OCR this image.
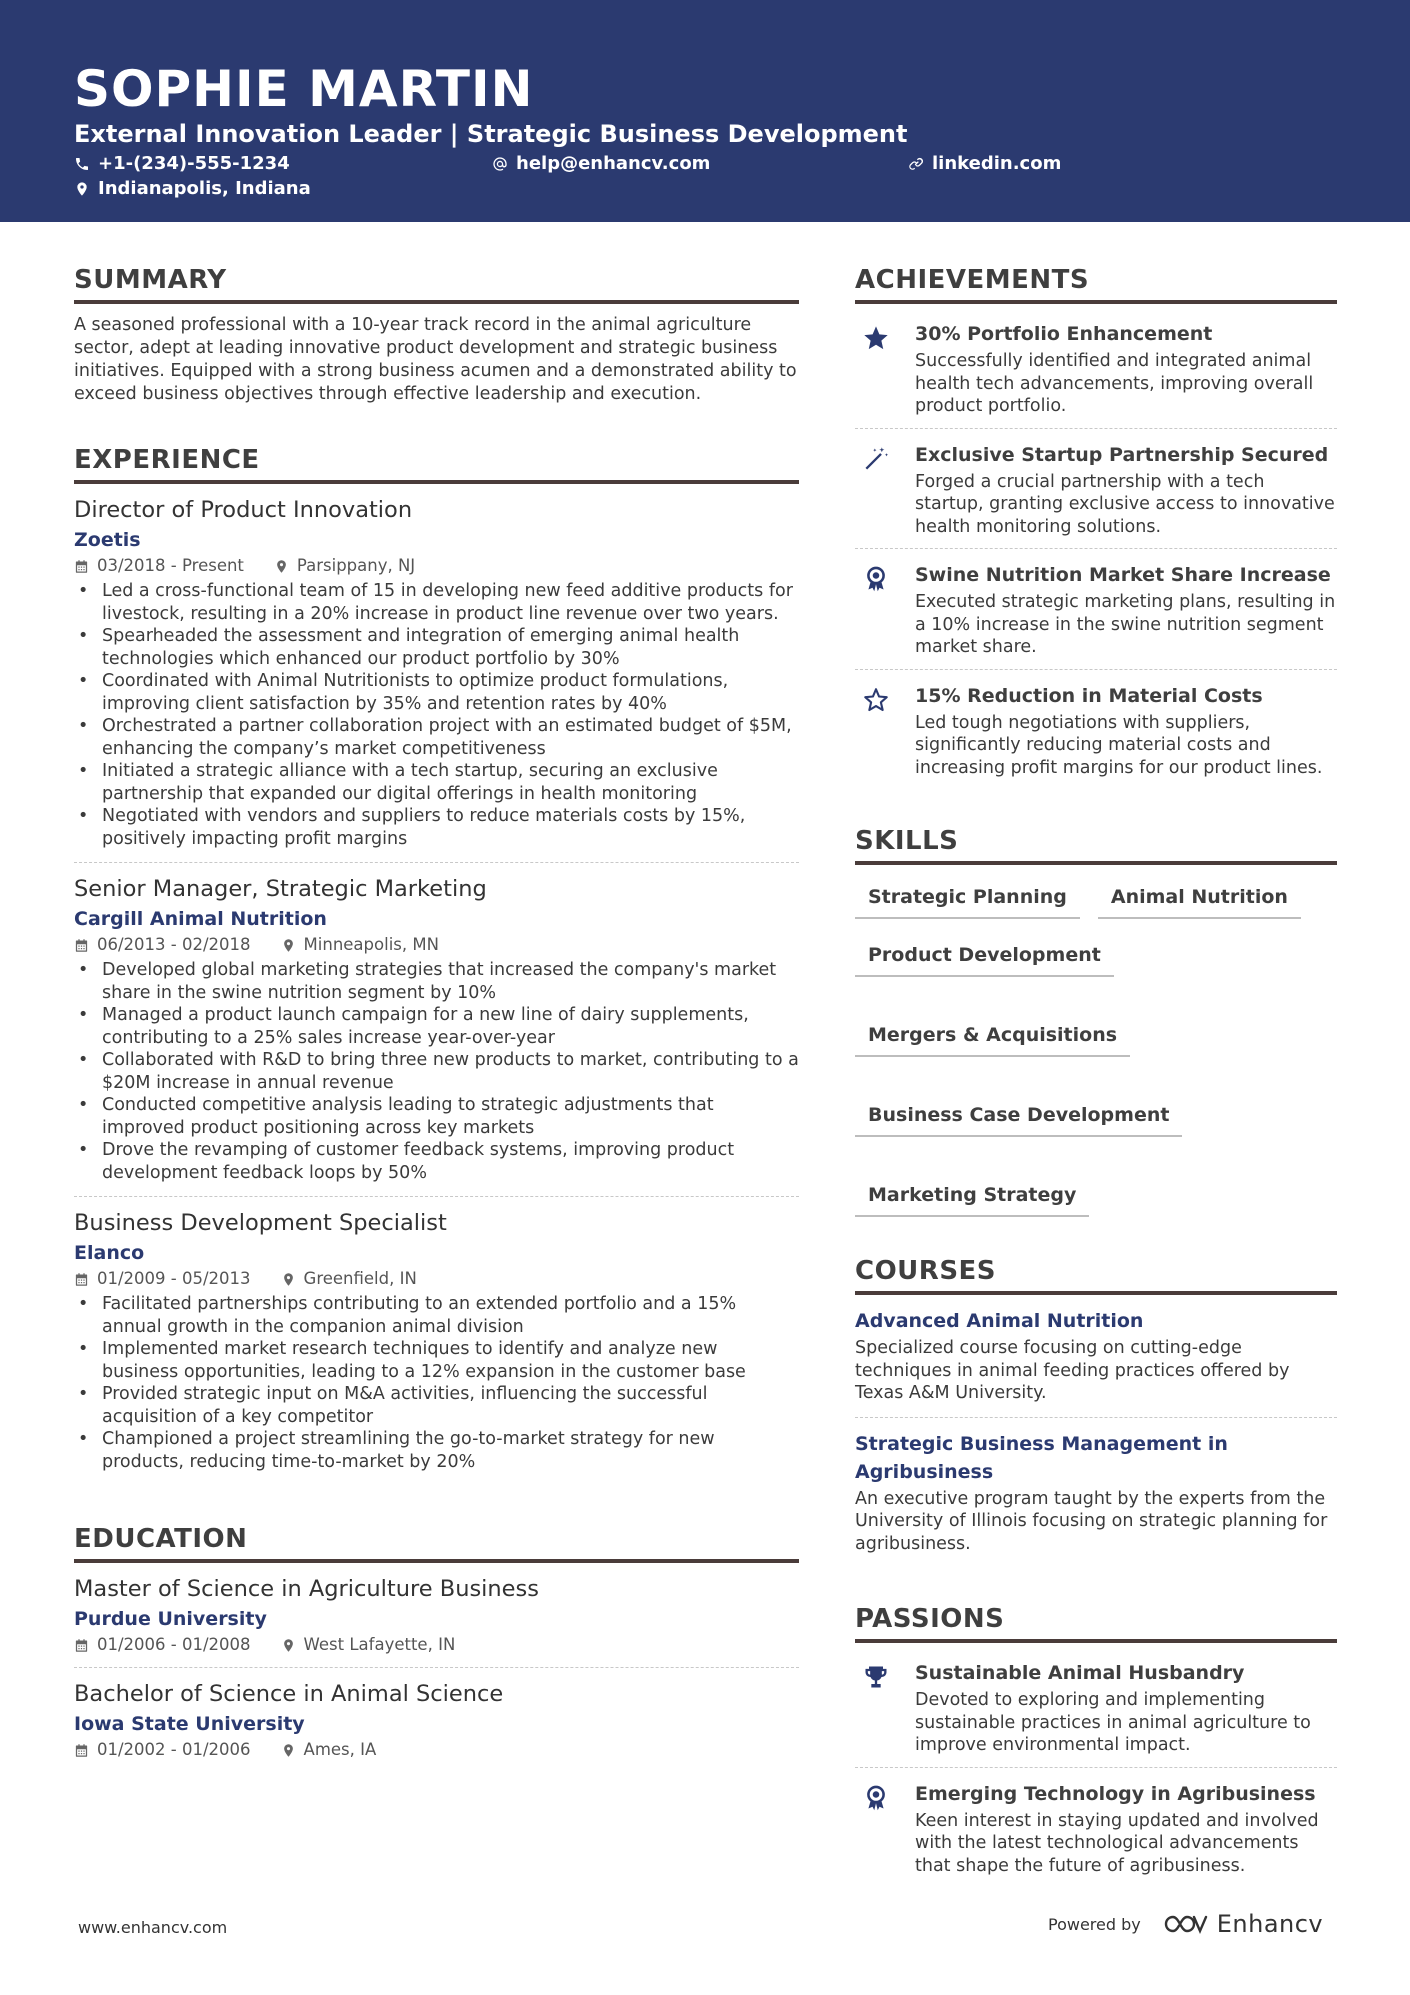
SOPHIE MARTIN
External Innovation Leader | Strategic Business Development
+1-(234)-555-1234	help@enhancv.com	linkedin.com
Indianapolis, Indiana
SUMMARY
A seasoned professional with a 10-year track record in the animal agriculture sector, adept at leading innovative product development and strategic business initiatives. Equipped with a strong business acumen and a demonstrated ability to exceed business objectives through effective leadership and execution.
EXPERIENCE
Director of Product Innovation
Zoetis
03/2018 - Present	Parsippany, NJ
• Led a cross-functional team of 15 in developing new feed additive products for livestock, resulting in a 20% increase in product line revenue over two years.
• Spearheaded the assessment and integration of emerging animal health technologies which enhanced our product portfolio by 30%
• Coordinated with Animal Nutritionists to optimize product formulations, improving client satisfaction by 35% and retention rates by 40%
• Orchestrated a partner collaboration project with an estimated budget of $5M, enhancing the company’s market competitiveness
• Initiated a strategic alliance with a tech startup, securing an exclusive partnership that expanded our digital offerings in health monitoring
• Negotiated with vendors and suppliers to reduce materials costs by 15%, positively impacting profit margins
Senior Manager, Strategic Marketing
Cargill Animal Nutrition
06/2013 - 02/2018	Minneapolis, MN
• Developed global marketing strategies that increased the company's market share in the swine nutrition segment by 10%
• Managed a product launch campaign for a new line of dairy supplements, contributing to a 25% sales increase year-over-year
• Collaborated with R&D to bring three new products to market, contributing to a $20M increase in annual revenue
• Conducted competitive analysis leading to strategic adjustments that improved product positioning across key markets
• Drove the revamping of customer feedback systems, improving product development feedback loops by 50%
Business Development Specialist
Elanco
01/2009 - 05/2013	Greenfield, IN
• Facilitated partnerships contributing to an extended portfolio and a 15% annual growth in the companion animal division
• Implemented market research techniques to identify and analyze new business opportunities, leading to a 12% expansion in the customer base
• Provided strategic input on M&A activities, influencing the successful acquisition of a key competitor
• Championed a project streamlining the go-to-market strategy for new products, reducing time-to-market by 20%
EDUCATION
Master of Science in Agriculture Business
Purdue University
01/2006 - 01/2008	West Lafayette, IN
Bachelor of Science in Animal Science
Iowa State University
01/2002 - 01/2006	Ames, IA
ACHIEVEMENTS
30% Portfolio Enhancement
Successfully identified and integrated animal health tech advancements, improving overall product portfolio.
Exclusive Startup Partnership Secured
Forged a crucial partnership with a tech startup, granting exclusive access to innovative health monitoring solutions.
Swine Nutrition Market Share Increase
Executed strategic marketing plans, resulting in a 10% increase in the swine nutrition segment market share.
15% Reduction in Material Costs
Led tough negotiations with suppliers, significantly reducing material costs and increasing profit margins for our product lines.
SKILLS
Strategic Planning	Animal Nutrition
Product Development
Mergers & Acquisitions
Business Case Development
Marketing Strategy
COURSES
Advanced Animal Nutrition
Specialized course focusing on cutting-edge techniques in animal feeding practices offered by Texas A&M University.
Strategic Business Management in Agribusiness
An executive program taught by the experts from the University of Illinois focusing on strategic planning for agribusiness.
PASSIONS
Sustainable Animal Husbandry
Devoted to exploring and implementing sustainable practices in animal agriculture to improve environmental impact.
Emerging Technology in Agribusiness
Keen interest in staying updated and involved with the latest technological advancements that shape the future of agribusiness.
www.enhancv.com	Powered by	Enhancv
